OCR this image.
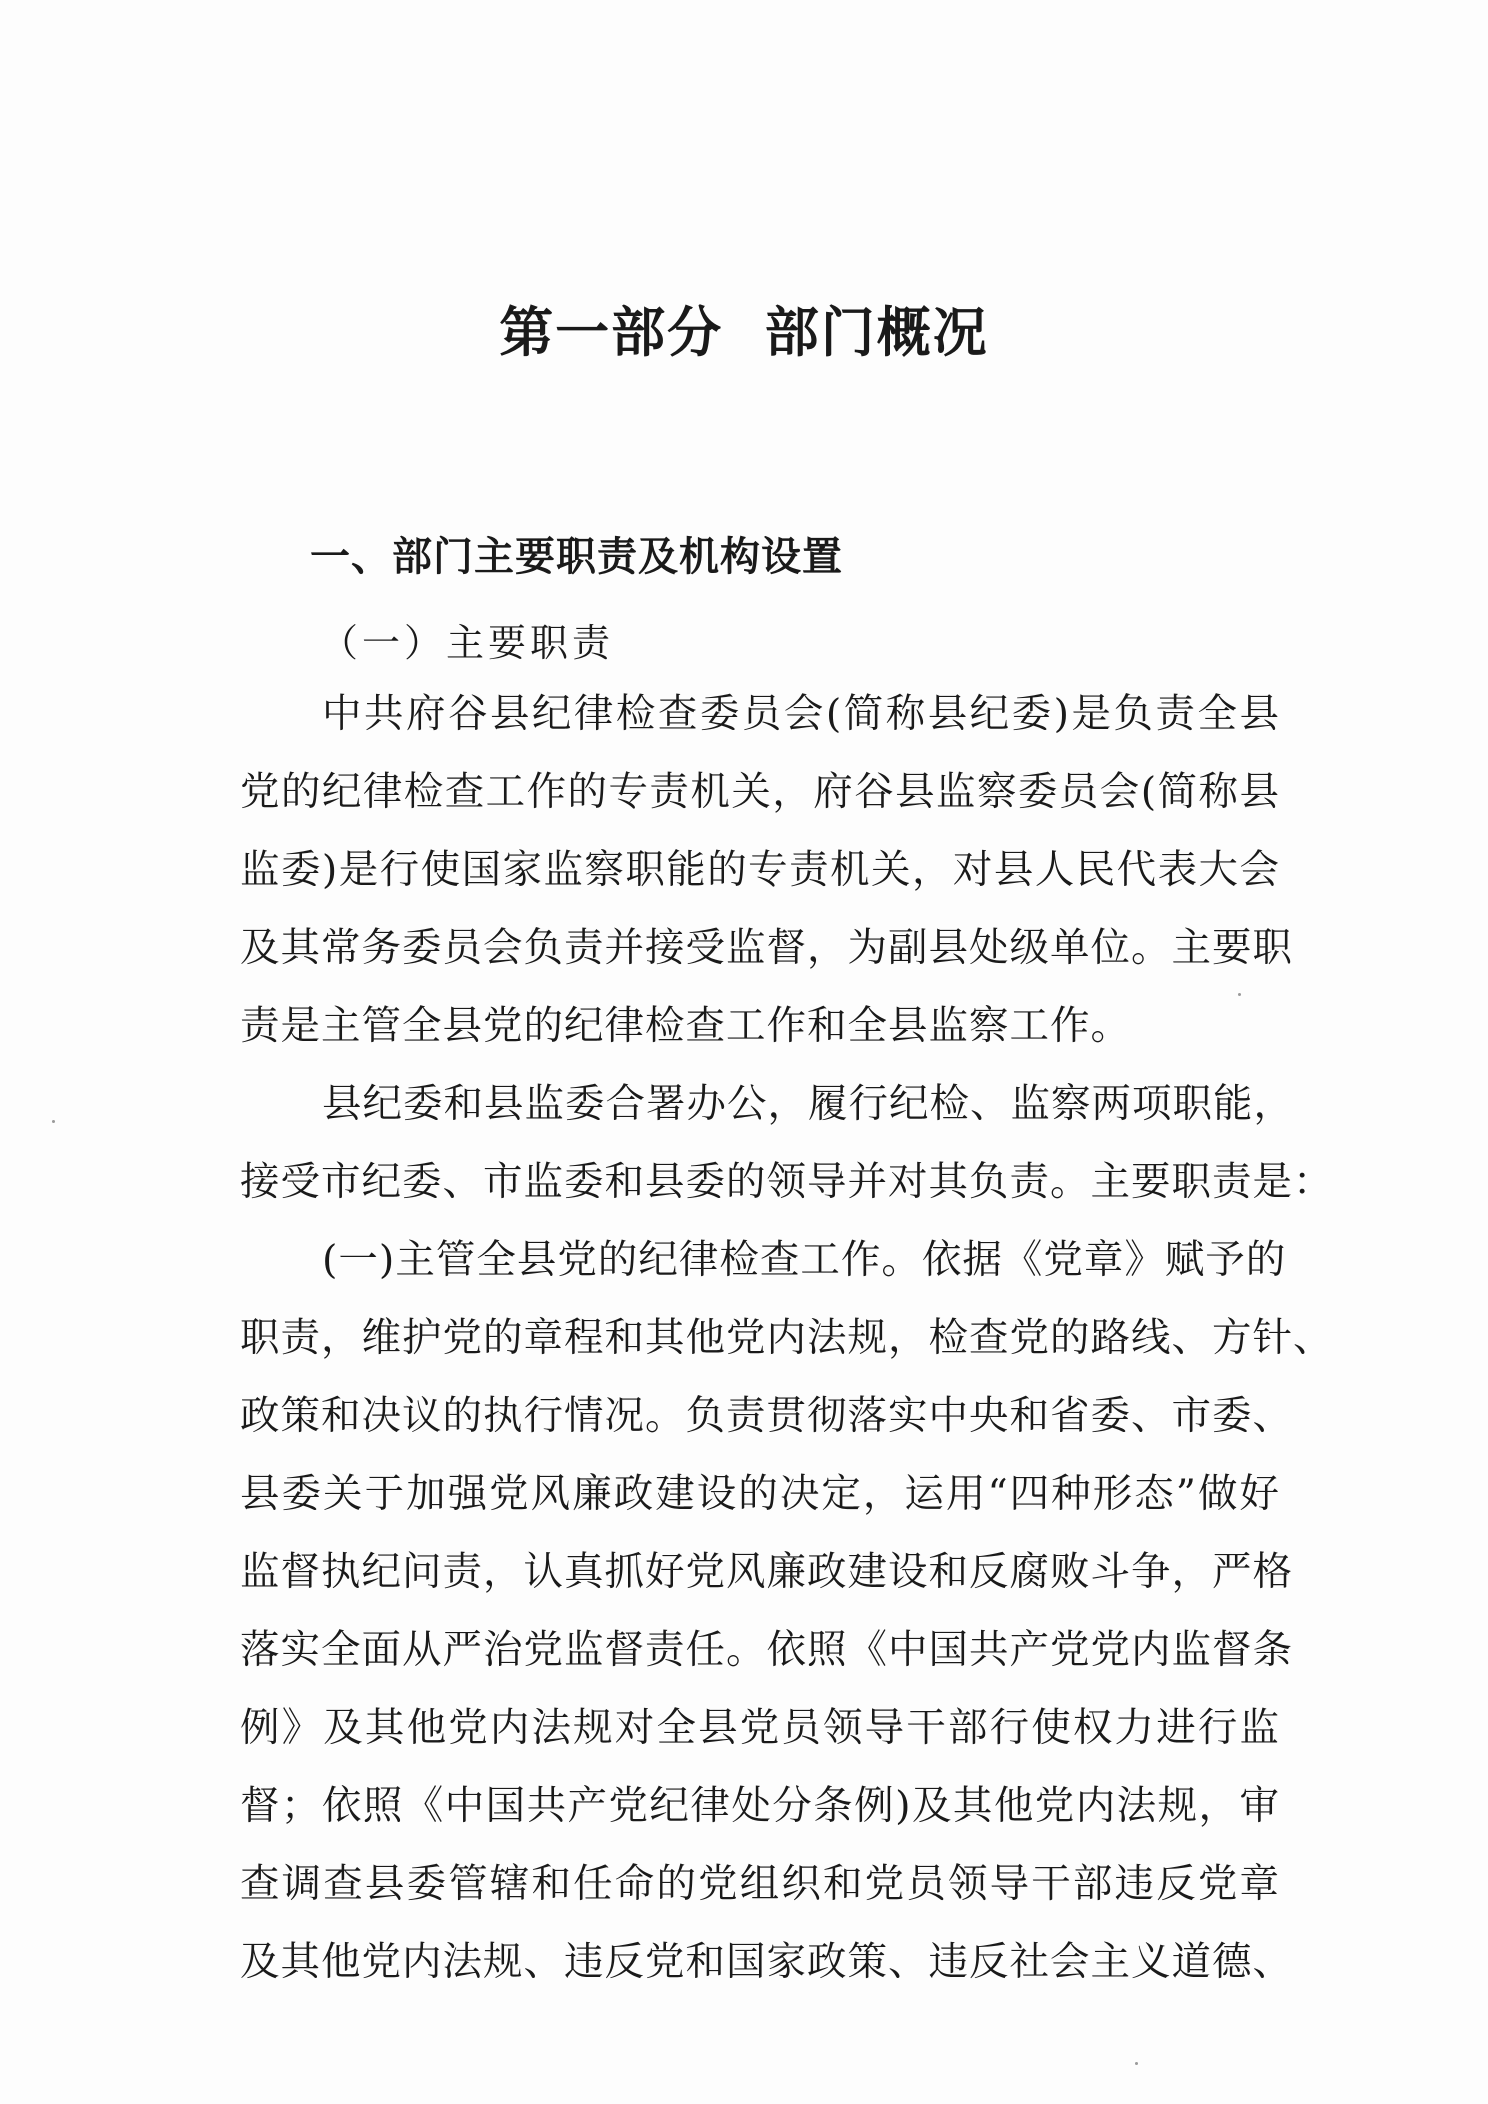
第一部分  部门概况
一、部门主要职责及机构设置
（一）主要职责
中共府谷县纪律检查委员会(简称县纪委)是负责全县
党的纪律检查工作的专责机关，府谷县监察委员会(简称县
监委)是行使国家监察职能的专责机关，对县人民代表大会
及其常务委员会负责并接受监督，为副县处级单位。主要职
责是主管全县党的纪律检查工作和全县监察工作。
县纪委和县监委合署办公，履行纪检、监察两项职能，
接受市纪委、市监委和县委的领导并对其负责。主要职责是：
(一)主管全县党的纪律检查工作。依据《党章》赋予的
职责，维护党的章程和其他党内法规，检查党的路线、方针、
政策和决议的执行情况。负责贯彻落实中央和省委、市委、
县委关于加强党风廉政建设的决定，运用“四种形态”做好
监督执纪问责，认真抓好党风廉政建设和反腐败斗争，严格
落实全面从严治党监督责任。依照《中国共产党党内监督条
例》及其他党内法规对全县党员领导干部行使权力进行监
督；依照《中国共产党纪律处分条例)及其他党内法规，审
查调查县委管辖和任命的党组织和党员领导干部违反党章
及其他党内法规、违反党和国家政策、违反社会主义道德、
